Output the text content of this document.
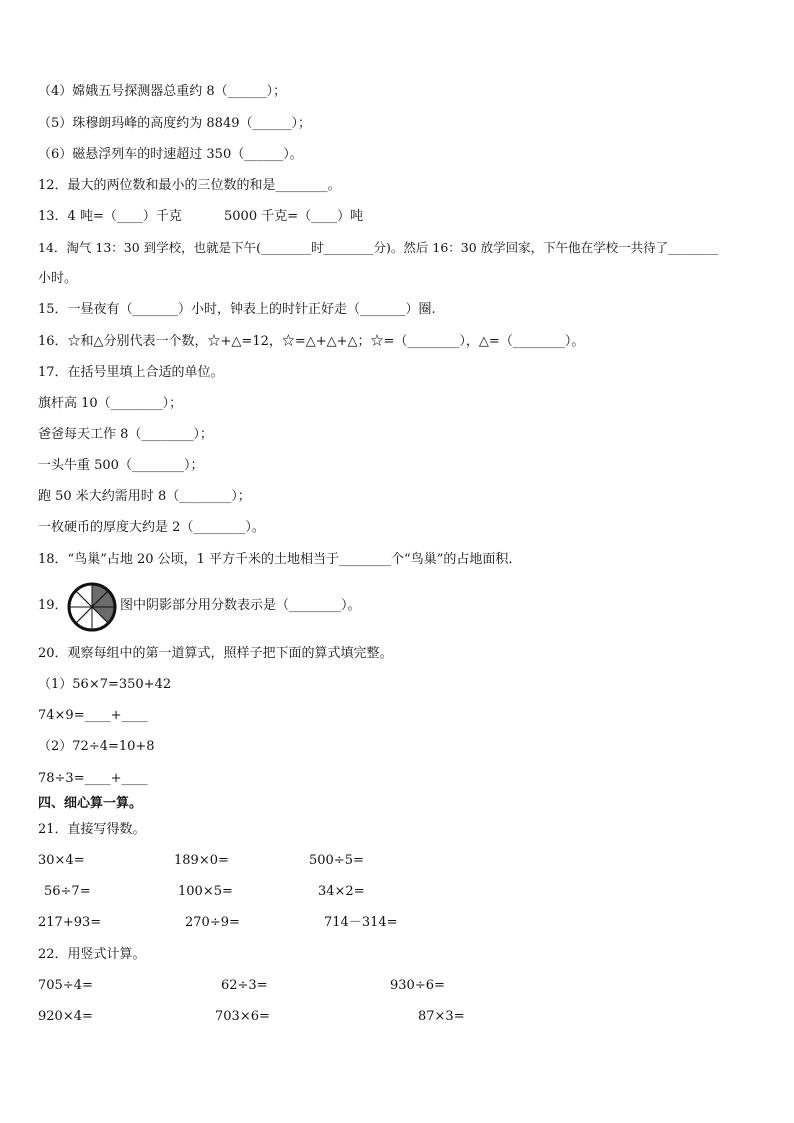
（4）嫦娥五号探测器总重约 8（______）；
（5）珠穆朗玛峰的高度约为 8849（______）；
（6）磁悬浮列车的时速超过 350（______）。
12．最大的两位数和最小的三位数的和是________。
13．4 吨=（____）千克	5000 千克=（____）吨
14．淘气 13：30 到学校，也就是下午(________时________分)。然后 16：30 放学回家，下午他在学校一共待了________
小时。
15．一昼夜有（_______）小时，钟表上的时针正好走（_______）圈.
16．☆和△分别代表一个数，☆+△=12，☆=△+△+△；☆=（________），△=（________）。
17．在括号里填上合适的单位。
旗杆高 10（________）；
爸爸每天工作 8（________）；
一头牛重 500（________）；
跑 50 米大约需用时 8（________）；
一枚硬币的厚度大约是 2（________）。
18．“鸟巢”占地 20 公顷，1 平方千米的土地相当于________个“鸟巢”的占地面积．
19．	图中阴影部分用分数表示是（________）。
20．观察每组中的第一道算式，照样子把下面的算式填完整。
（1）56×7=350+42
74×9=____+____
（2）72÷4=10+8
78÷3=____+____
四、细心算一算。
21．直接写得数。
30×4=	189×0=	500÷5=
56÷7=	100×5=	34×2=
217+93=	270÷9=	714－314=
22．用竖式计算。
705÷4=	62÷3=	930÷6=
920×4=	703×6=	87×3=
